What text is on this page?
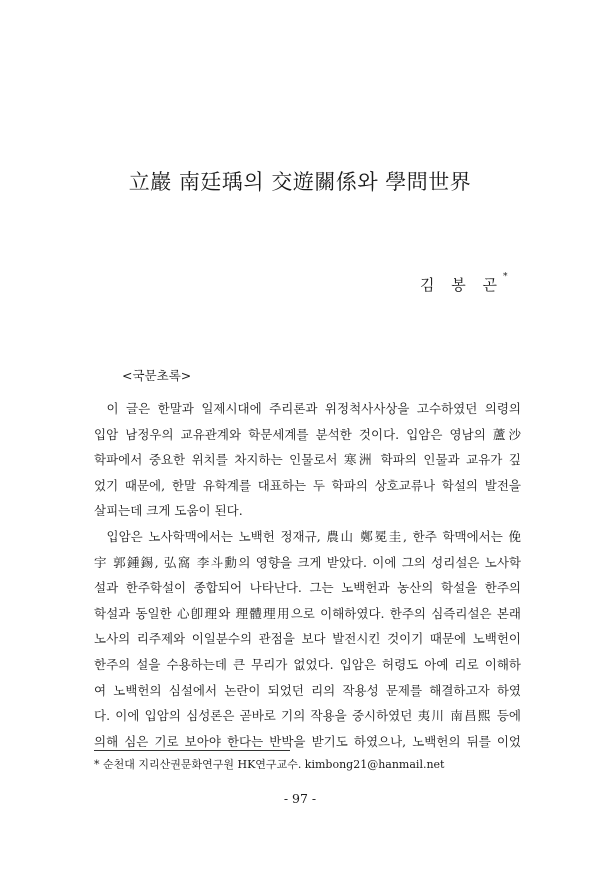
立巖 南廷瑀의 交遊關係와 學問世界
김 봉 곤*
<국문초록>
이 글은 한말과 일제시대에 주리론과 위정척사사상을 고수하였던 의령의
입암 남정우의 교유관계와 학문세계를 분석한 것이다. 입암은 영남의 蘆沙
학파에서 중요한 위치를 차지하는 인물로서 寒洲 학파의 인물과 교유가 깊
었기 때문에, 한말 유학계를 대표하는 두 학파의 상호교류나 학설의 발전을
살피는데 크게 도움이 된다.
입암은 노사학맥에서는 노백헌 정재규, 農山 鄭冕圭, 한주 학맥에서는 俛
宇 郭鍾錫, 弘窩 李斗勳의 영향을 크게 받았다. 이에 그의 성리설은 노사학
설과 한주학설이 종합되어 나타난다. 그는 노백헌과 농산의 학설을 한주의
학설과 동일한 心卽理와 理體理用으로 이해하였다. 한주의 심즉리설은 본래
노사의 리주제와 이일분수의 관점을 보다 발전시킨 것이기 때문에 노백헌이
한주의 설을 수용하는데 큰 무리가 없었다. 입암은 허령도 아예 리로 이해하
여 노백헌의 심설에서 논란이 되었던 리의 작용성 문제를 해결하고자 하였
다. 이에 입암의 심성론은 곧바로 기의 작용을 중시하였던 夷川 南昌熙 등에
의해 심은 기로 보아야 한다는 반박을 받기도 하였으나, 노백헌의 뒤를 이었
* 순천대 지리산권문화연구원 HK연구교수. kimbong21@hanmail.net
- 97 -
